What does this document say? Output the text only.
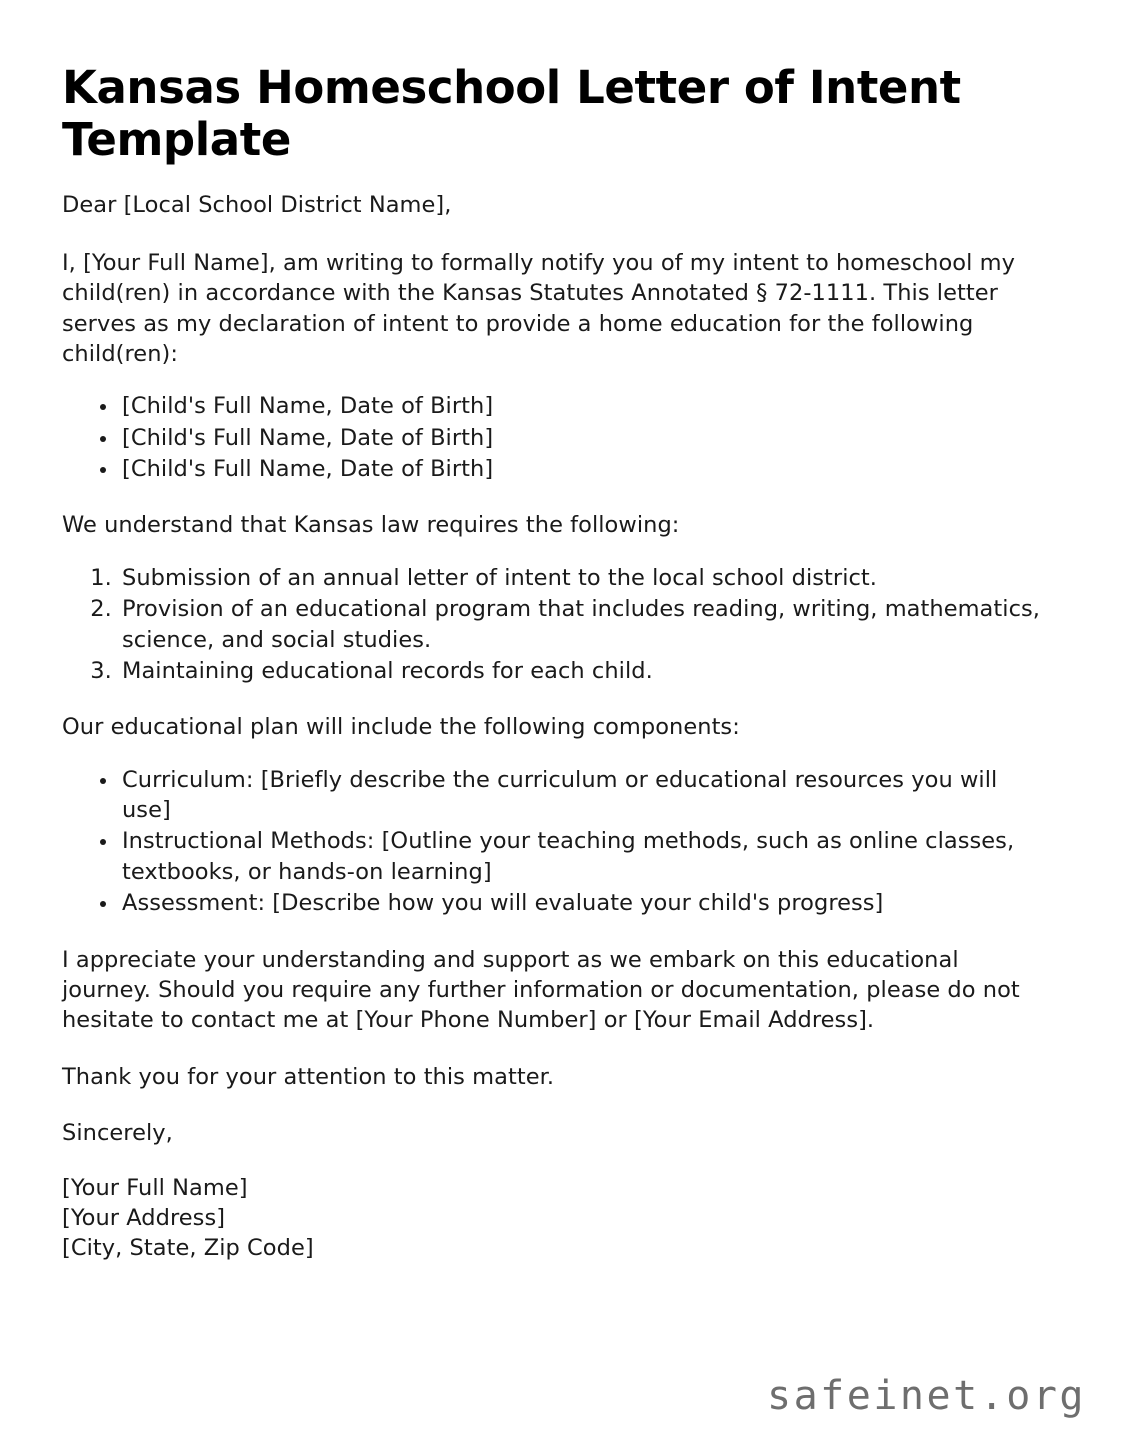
Kansas Homeschool Letter of Intent Template

Dear [Local School District Name],

I, [Your Full Name], am writing to formally notify you of my intent to homeschool my child(ren) in accordance with the Kansas Statutes Annotated § 72-1111. This letter serves as my declaration of intent to provide a home education for the following child(ren):

• [Child's Full Name, Date of Birth]
• [Child's Full Name, Date of Birth]
• [Child's Full Name, Date of Birth]

We understand that Kansas law requires the following:

1. Submission of an annual letter of intent to the local school district.
2. Provision of an educational program that includes reading, writing, mathematics, science, and social studies.
3. Maintaining educational records for each child.

Our educational plan will include the following components:

• Curriculum: [Briefly describe the curriculum or educational resources you will use]
• Instructional Methods: [Outline your teaching methods, such as online classes, textbooks, or hands-on learning]
• Assessment: [Describe how you will evaluate your child's progress]

I appreciate your understanding and support as we embark on this educational journey. Should you require any further information or documentation, please do not hesitate to contact me at [Your Phone Number] or [Your Email Address].

Thank you for your attention to this matter.

Sincerely,

[Your Full Name]
[Your Address]
[City, State, Zip Code]
safeinet.org
